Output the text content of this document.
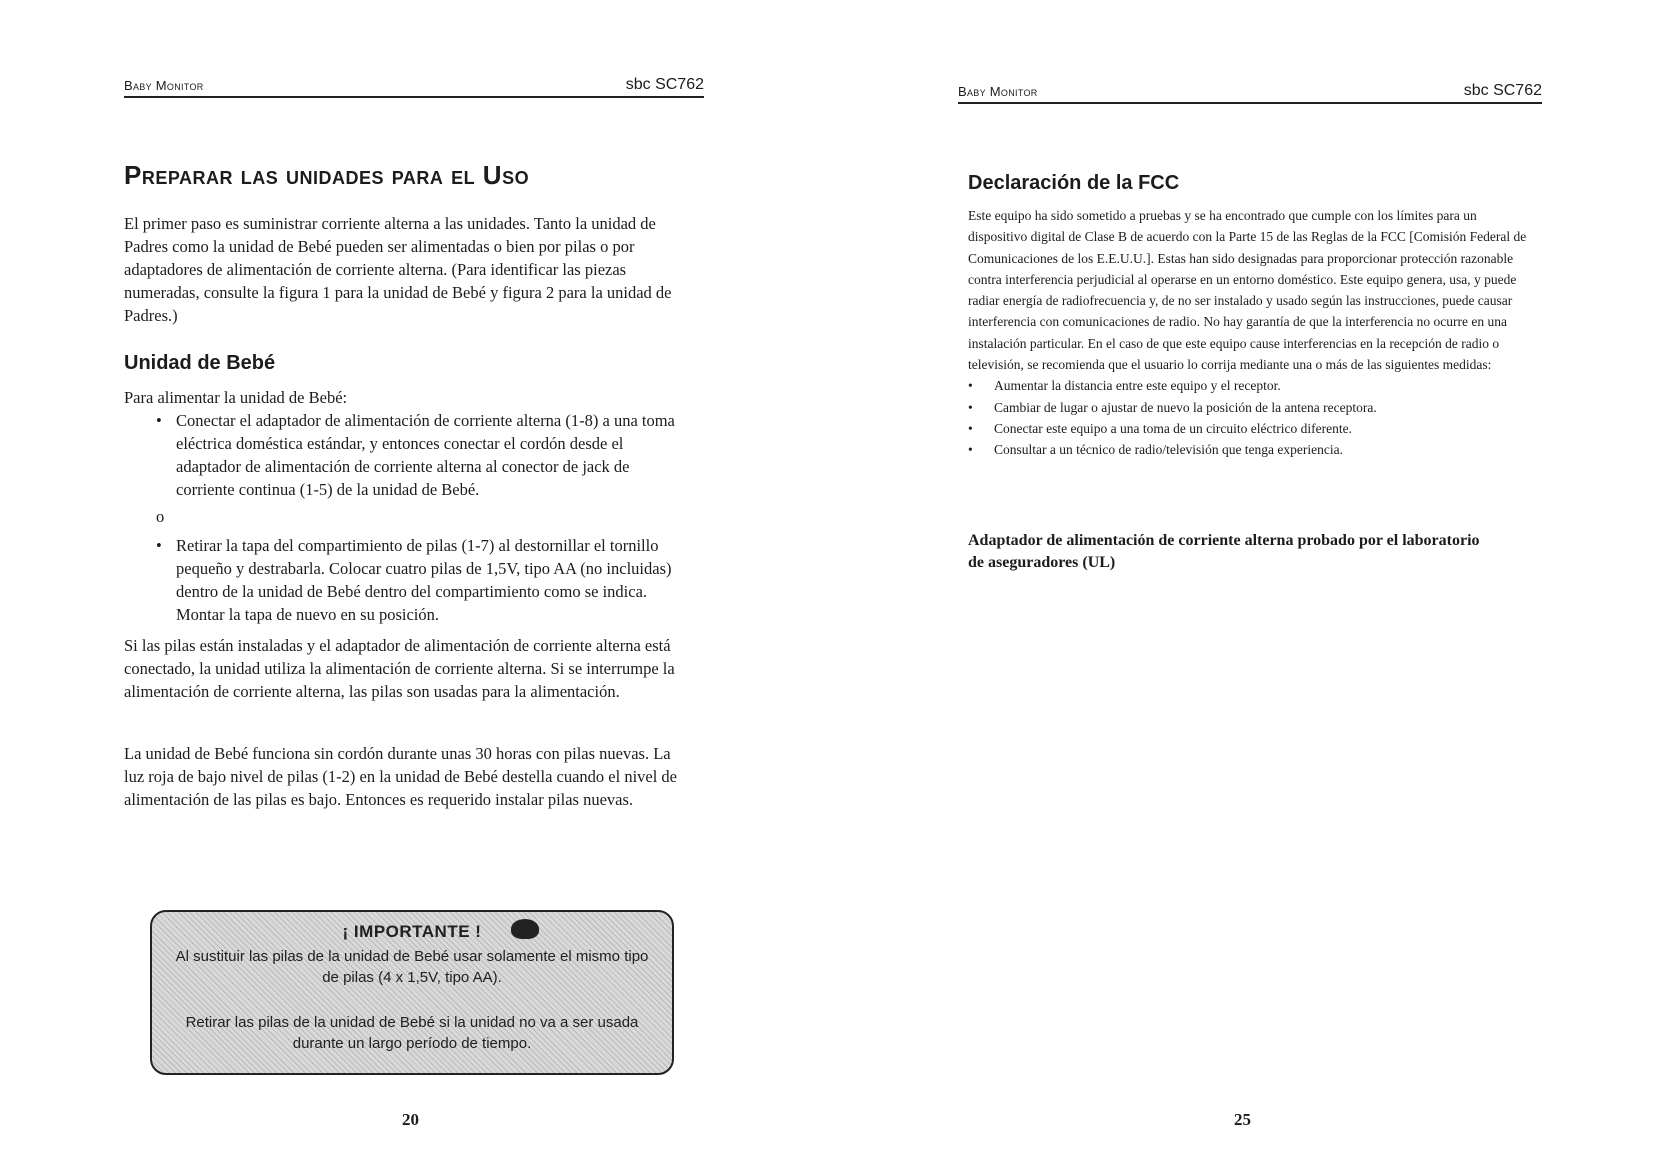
Baby Monitor	sbc SC762
Preparar las unidades para el Uso

El primer paso es suministrar corriente alterna a las unidades. Tanto la unidad de Padres como la unidad de Bebé pueden ser alimentadas o bien por pilas o por adaptadores de alimentación de corriente alterna. (Para identificar las piezas numeradas, consulte la figura 1 para la unidad de Bebé y figura 2 para la unidad de Padres.)

Unidad de Bebé

Para alimentar la unidad de Bebé:

• Conectar el adaptador de alimentación de corriente alterna (1-8) a una toma eléctrica doméstica estándar, y entonces conectar el cordón desde el adaptador de alimentación de corriente alterna al conector de jack de corriente continua (1-5) de la unidad de Bebé.
o
• Retirar la tapa del compartimiento de pilas (1-7) al destornillar el tornillo pequeño y destrabarla. Colocar cuatro pilas de 1,5V, tipo AA (no incluidas) dentro de la unidad de Bebé dentro del compartimiento como se indica. Montar la tapa de nuevo en su posición.

Si las pilas están instaladas y el adaptador de alimentación de corriente alterna está conectado, la unidad utiliza la alimentación de corriente alterna. Si se interrumpe la alimentación de corriente alterna, las pilas son usadas para la alimentación.

La unidad de Bebé funciona sin cordón durante unas 30 horas con pilas nuevas. La luz roja de bajo nivel de pilas (1-2) en la unidad de Bebé destella cuando el nivel de alimentación de las pilas es bajo. Entonces es requerido instalar pilas nuevas.

¡ IMPORTANTE !
Al sustituir las pilas de la unidad de Bebé usar solamente el mismo tipo de pilas (4 x 1,5V, tipo AA).
Retirar las pilas de la unidad de Bebé si la unidad no va a ser usada durante un largo período de tiempo.
20
Baby Monitor	sbc SC762
Declaración de la FCC

Este equipo ha sido sometido a pruebas y se ha encontrado que cumple con los límites para un dispositivo digital de Clase B de acuerdo con la Parte 15 de las Reglas de la FCC [Comisión Federal de Comunicaciones de los E.E.U.U.]. Estas han sido designadas para proporcionar protección razonable contra interferencia perjudicial al operarse en un entorno doméstico. Este equipo genera, usa, y puede radiar energía de radiofrecuencia y, de no ser instalado y usado según las instrucciones, puede causar interferencia con comunicaciones de radio. No hay garantía de que la interferencia no ocurre en una instalación particular. En el caso de que este equipo cause interferencias en la recepción de radio o televisión, se recomienda que el usuario lo corrija mediante una o más de las siguientes medidas:

• Aumentar la distancia entre este equipo y el receptor.
• Cambiar de lugar o ajustar de nuevo la posición de la antena receptora.
• Conectar este equipo a una toma de un circuito eléctrico diferente.
• Consultar a un técnico de radio/televisión que tenga experiencia.
Adaptador de alimentación de corriente alterna probado por el laboratorio de aseguradores (UL)
25
